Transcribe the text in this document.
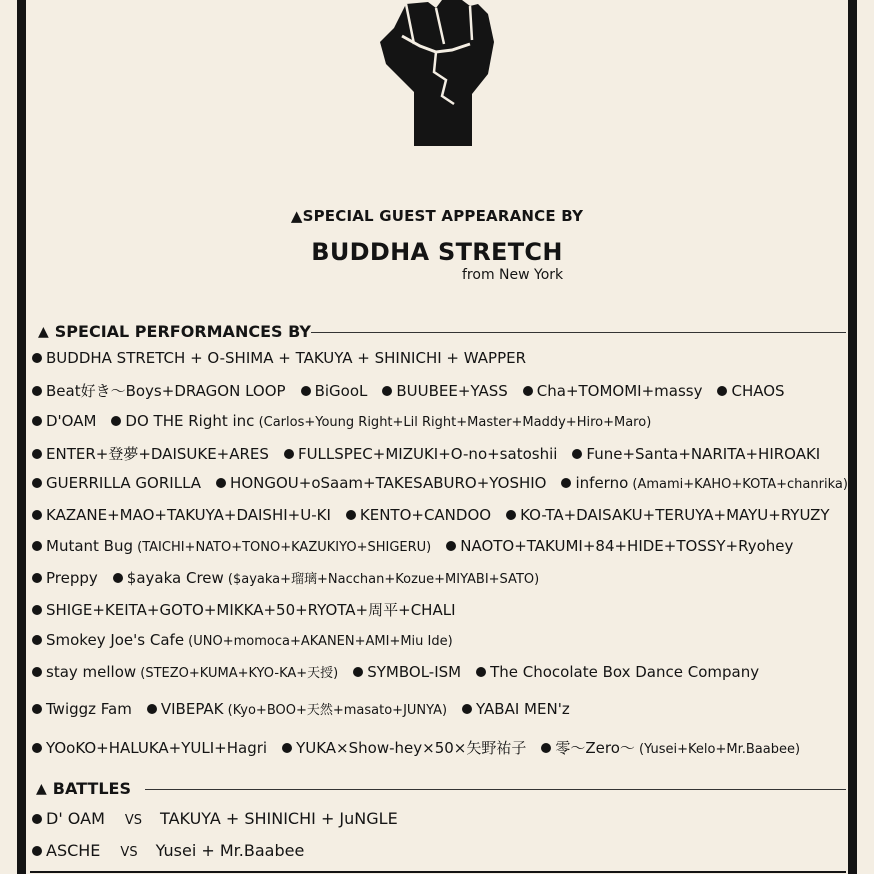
▲SPECIAL GUEST APPEARANCE BY
BUDDHA STRETCH
from New York
▲ SPECIAL PERFORMANCES BY
BUDDHA STRETCH + O-SHIMA + TAKUYA + SHINICHI + WAPPER
Beat好き〜Boys+DRAGON LOOP BiGooL BUUBEE+YASS Cha+TOMOMI+massy CHAOS
D'OAM DO THE Right inc (Carlos+Young Right+Lil Right+Master+Maddy+Hiro+Maro)
ENTER+登夢+DAISUKE+ARES FULLSPEC+MIZUKI+O-no+satoshii Fune+Santa+NARITA+HIROAKI
GUERRILLA GORILLA HONGOU+oSaam+TAKESABURO+YOSHIO inferno (Amami+KAHO+KOTA+chanrika)
KAZANE+MAO+TAKUYA+DAISHI+U-KI KENTO+CANDOO KO-TA+DAISAKU+TERUYA+MAYU+RYUZY
Mutant Bug (TAICHI+NATO+TONO+KAZUKIYO+SHIGERU) NAOTO+TAKUMI+84+HIDE+TOSSY+Ryohey
Preppy $ayaka Crew ($ayaka+瑠璃+Nacchan+Kozue+MIYABI+SATO)
SHIGE+KEITA+GOTO+MIKKA+50+RYOTA+周平+CHALI
Smokey Joe's Cafe (UNO+momoca+AKANEN+AMI+Miu Ide)
stay mellow (STEZO+KUMA+KYO-KA+天授) SYMBOL-ISM The Chocolate Box Dance Company
Twiggz Fam VIBEPAK (Kyo+BOO+天然+masato+JUNYA) YABAI MEN'z
YOoKO+HALUKA+YULI+Hagri YUKA×Show-hey×50×矢野祐子 零〜Zero〜 (Yusei+Kelo+Mr.Baabee)
▲ BATTLES
D' OAM VS TAKUYA + SHINICHI + JuNGLE
ASCHE VS Yusei + Mr.Baabee
